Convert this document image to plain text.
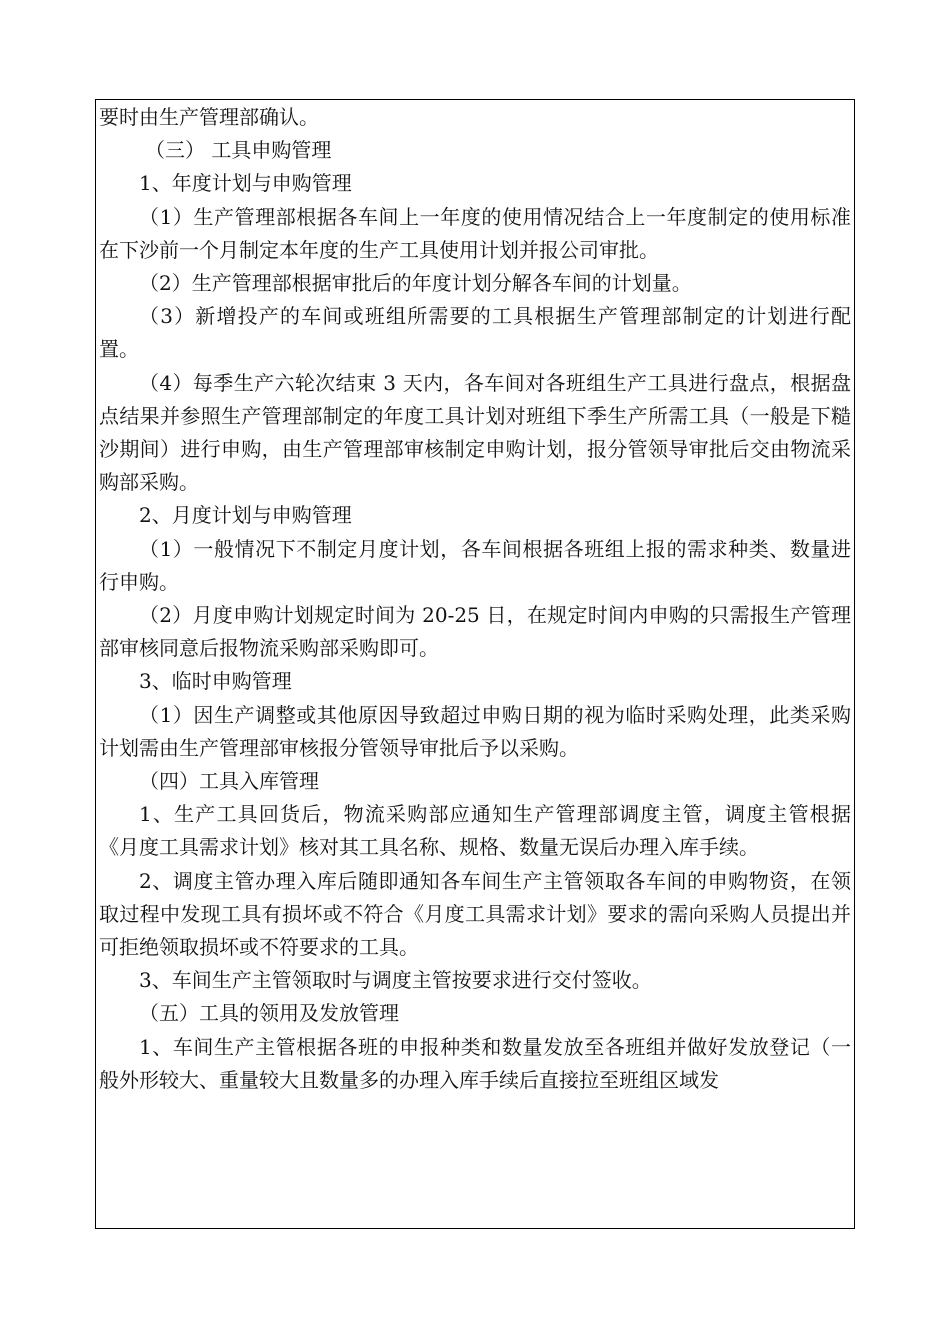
要时由生产管理部确认。

（三） 工具申购管理

1、年度计划与申购管理

（1）生产管理部根据各车间上一年度的使用情况结合上一年度制定的使用标准在下沙前一个月制定本年度的生产工具使用计划并报公司审批。

（2）生产管理部根据审批后的年度计划分解各车间的计划量。

（3）新增投产的车间或班组所需要的工具根据生产管理部制定的计划进行配置。

（4）每季生产六轮次结束 3 天内，各车间对各班组生产工具进行盘点，根据盘点结果并参照生产管理部制定的年度工具计划对班组下季生产所需工具（一般是下糙沙期间）进行申购，由生产管理部审核制定申购计划，报分管领导审批后交由物流采购部采购。

2、月度计划与申购管理

（1）一般情况下不制定月度计划，各车间根据各班组上报的需求种类、数量进行申购。

（2）月度申购计划规定时间为 20-25 日，在规定时间内申购的只需报生产管理部审核同意后报物流采购部采购即可。

3、临时申购管理

（1）因生产调整或其他原因导致超过申购日期的视为临时采购处理，此类采购计划需由生产管理部审核报分管领导审批后予以采购。

（四）工具入库管理

1、生产工具回货后，物流采购部应通知生产管理部调度主管，调度主管根据《月度工具需求计划》核对其工具名称、规格、数量无误后办理入库手续。

2、调度主管办理入库后随即通知各车间生产主管领取各车间的申购物资，在领取过程中发现工具有损坏或不符合《月度工具需求计划》要求的需向采购人员提出并可拒绝领取损坏或不符要求的工具。

3、车间生产主管领取时与调度主管按要求进行交付签收。

（五）工具的领用及发放管理

1、车间生产主管根据各班的申报种类和数量发放至各班组并做好发放登记（一般外形较大、重量较大且数量多的办理入库手续后直接拉至班组区域发
